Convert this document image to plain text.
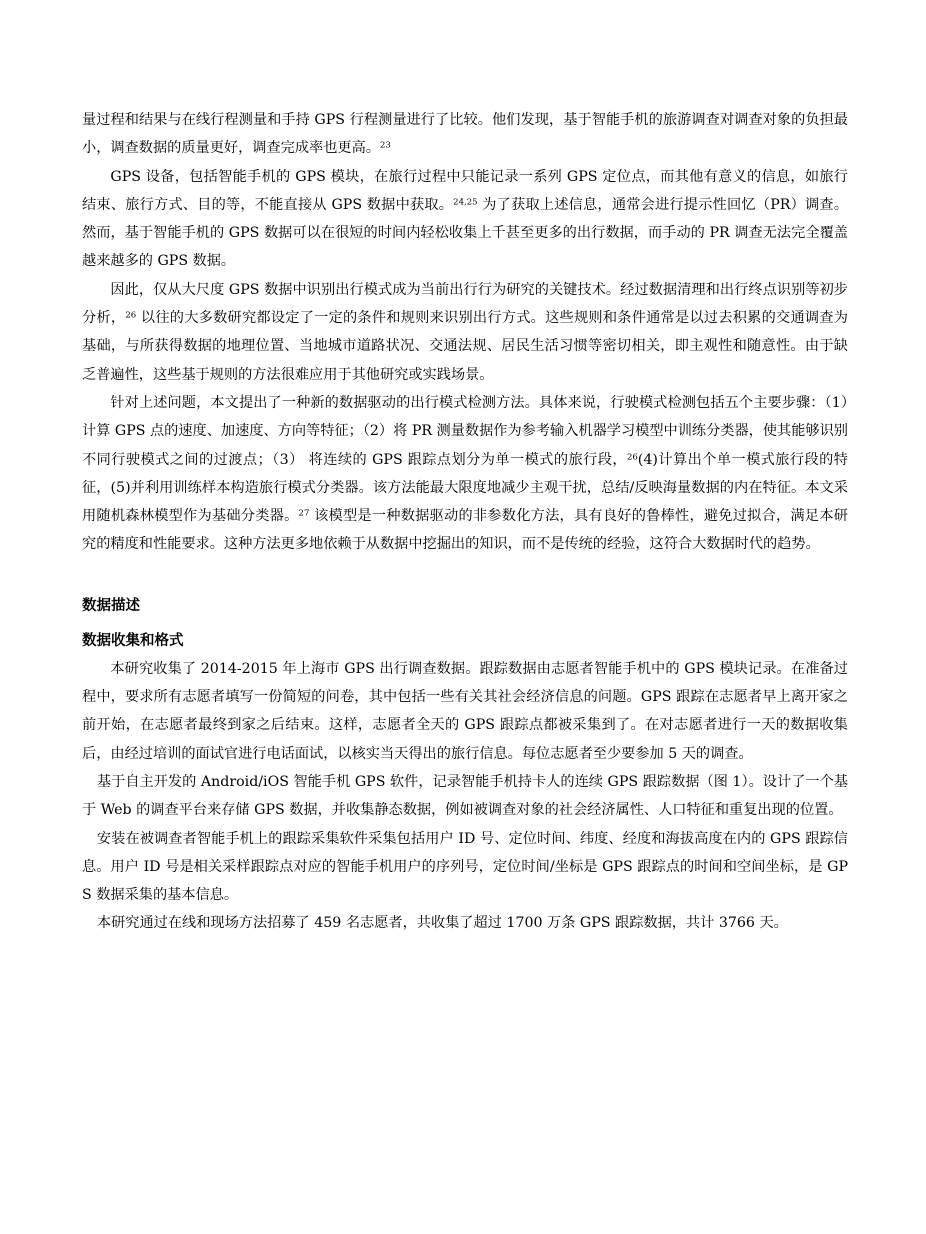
量过程和结果与在线行程测量和手持 GPS 行程测量进行了比较。他们发现，基于智能手机的旅游调查对调查对象的负担最小，调查数据的质量更好，调查完成率也更高。$^{23}$

GPS 设备，包括智能手机的 GPS 模块，在旅行过程中只能记录一系列 GPS 定位点，而其他有意义的信息，如旅行结束、旅行方式、目的等，不能直接从 GPS 数据中获取。$^{24,25}$ 为了获取上述信息，通常会进行提示性回忆（PR）调查。然而，基于智能手机的 GPS 数据可以在很短的时间内轻松收集上千甚至更多的出行数据，而手动的 PR 调查无法完全覆盖越来越多的 GPS 数据。

因此，仅从大尺度 GPS 数据中识别出行模式成为当前出行行为研究的关键技术。经过数据清理和出行终点识别等初步分析，$^{26}$ 以往的大多数研究都设定了一定的条件和规则来识别出行方式。这些规则和条件通常是以过去积累的交通调查为基础，与所获得数据的地理位置、当地城市道路状况、交通法规、居民生活习惯等密切相关，即主观性和随意性。由于缺乏普遍性，这些基于规则的方法很难应用于其他研究或实践场景。

针对上述问题，本文提出了一种新的数据驱动的出行模式检测方法。具体来说，行驶模式检测包括五个主要步骤：（1）计算 GPS 点的速度、加速度、方向等特征；（2）将 PR 测量数据作为参考输入机器学习模型中训练分类器，使其能够识别不同行驶模式之间的过渡点；（3） 将连续的 GPS 跟踪点划分为单一模式的旅行段，$^{26}$(4)计算出个单一模式旅行段的特征，(5)并利用训练样本构造旅行模式分类器。该方法能最大限度地减少主观干扰，总结/反映海量数据的内在特征。本文采用随机森林模型作为基础分类器。$^{27}$ 该模型是一种数据驱动的非参数化方法，具有良好的鲁棒性，避免过拟合，满足本研究的精度和性能要求。这种方法更多地依赖于从数据中挖掘出的知识，而不是传统的经验，这符合大数据时代的趋势。

数据描述
数据收集和格式

本研究收集了 2014-2015 年上海市 GPS 出行调查数据。跟踪数据由志愿者智能手机中的 GPS 模块记录。在准备过程中，要求所有志愿者填写一份简短的问卷，其中包括一些有关其社会经济信息的问题。GPS 跟踪在志愿者早上离开家之前开始，在志愿者最终到家之后结束。这样，志愿者全天的 GPS 跟踪点都被采集到了。在对志愿者进行一天的数据收集后，由经过培训的面试官进行电话面试，以核实当天得出的旅行信息。每位志愿者至少要参加 5 天的调查。

基于自主开发的 Android/iOS 智能手机 GPS 软件，记录智能手机持卡人的连续 GPS 跟踪数据（图 1）。设计了一个基于 Web 的调查平台来存储 GPS 数据，并收集静态数据，例如被调查对象的社会经济属性、人口特征和重复出现的位置。

安装在被调查者智能手机上的跟踪采集软件采集包括用户 ID 号、定位时间、纬度、经度和海拔高度在内的 GPS 跟踪信息。用户 ID 号是相关采样跟踪点对应的智能手机用户的序列号，定位时间/坐标是 GPS 跟踪点的时间和空间坐标，是 GPS 数据采集的基本信息。

本研究通过在线和现场方法招募了 459 名志愿者，共收集了超过 1700 万条 GPS 跟踪数据，共计 3766 天。
